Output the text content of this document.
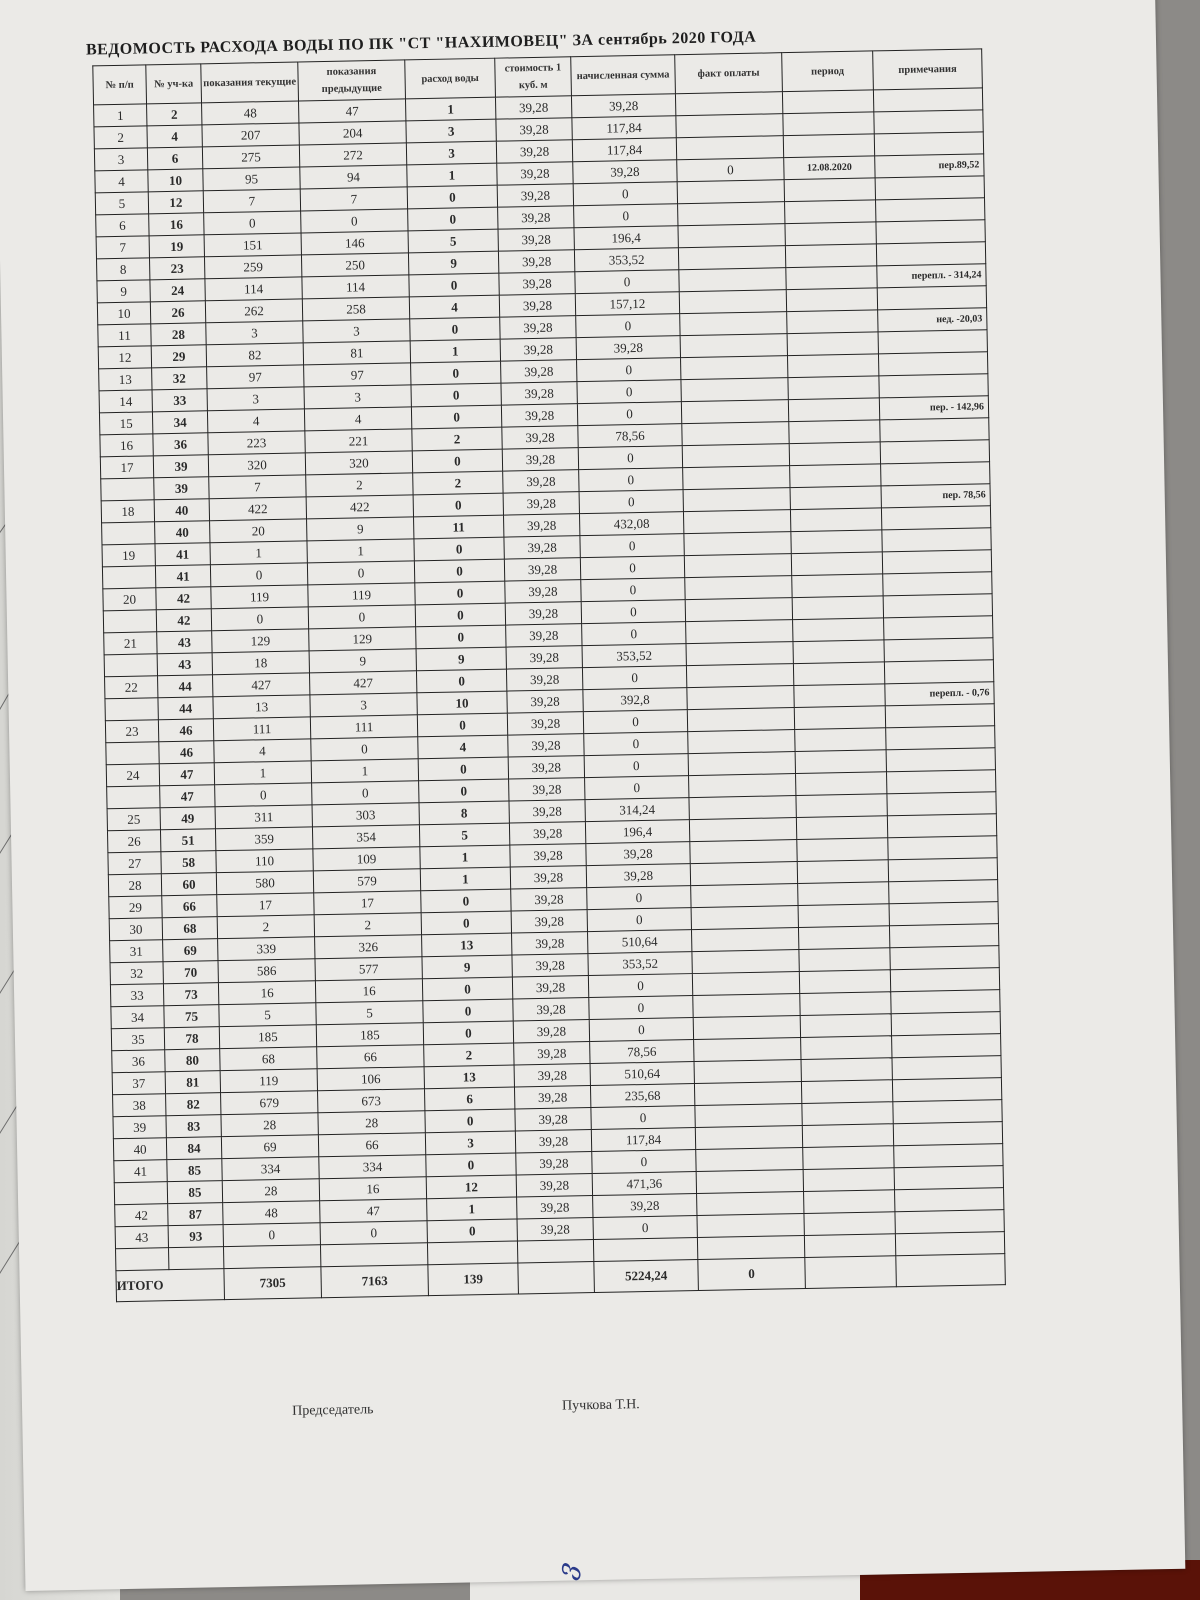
ВЕДОМОСТЬ РАСХОДА ВОДЫ ПО ПК "СТ "НАХИМОВЕЦ" ЗА сентябрь 2020 ГОДА
№ п/п	№ уч-ка	показания текущие	показания предыдущие	расход воды	стоимость 1 куб. м	начисленная сумма	факт оплаты	период	примечания
1	2	48	47	1	39,28	39,28			
2	4	207	204	3	39,28	117,84			
3	6	275	272	3	39,28	117,84			
4	10	95	94	1	39,28	39,28	0	12.08.2020	пер.89,52
5	12	7	7	0	39,28	0			
6	16	0	0	0	39,28	0			
7	19	151	146	5	39,28	196,4			
8	23	259	250	9	39,28	353,52			
9	24	114	114	0	39,28	0			перепл. - 314,24
10	26	262	258	4	39,28	157,12			
11	28	3	3	0	39,28	0			нед. -20,03
12	29	82	81	1	39,28	39,28			
13	32	97	97	0	39,28	0			
14	33	3	3	0	39,28	0			
15	34	4	4	0	39,28	0			пер. - 142,96
16	36	223	221	2	39,28	78,56			
17	39	320	320	0	39,28	0			
	39	7	2	2	39,28	0			
18	40	422	422	0	39,28	0			пер. 78,56
	40	20	9	11	39,28	432,08			
19	41	1	1	0	39,28	0			
	41	0	0	0	39,28	0			
20	42	119	119	0	39,28	0			
	42	0	0	0	39,28	0			
21	43	129	129	0	39,28	0			
	43	18	9	9	39,28	353,52			
22	44	427	427	0	39,28	0			
	44	13	3	10	39,28	392,8			перепл. - 0,76
23	46	111	111	0	39,28	0			
	46	4	0	4	39,28	0			
24	47	1	1	0	39,28	0			
	47	0	0	0	39,28	0			
25	49	311	303	8	39,28	314,24			
26	51	359	354	5	39,28	196,4			
27	58	110	109	1	39,28	39,28			
28	60	580	579	1	39,28	39,28			
29	66	17	17	0	39,28	0			
30	68	2	2	0	39,28	0			
31	69	339	326	13	39,28	510,64			
32	70	586	577	9	39,28	353,52			
33	73	16	16	0	39,28	0			
34	75	5	5	0	39,28	0			
35	78	185	185	0	39,28	0			
36	80	68	66	2	39,28	78,56			
37	81	119	106	13	39,28	510,64			
38	82	679	673	6	39,28	235,68			
39	83	28	28	0	39,28	0			
40	84	69	66	3	39,28	117,84			
41	85	334	334	0	39,28	0			
	85	28	16	12	39,28	471,36			
42	87	48	47	1	39,28	39,28			
43	93	0	0	0	39,28	0			

ИТОГО		7305	7163	139		5224,24	0		
Председатель	Пучкова Т.Н.
ვ
